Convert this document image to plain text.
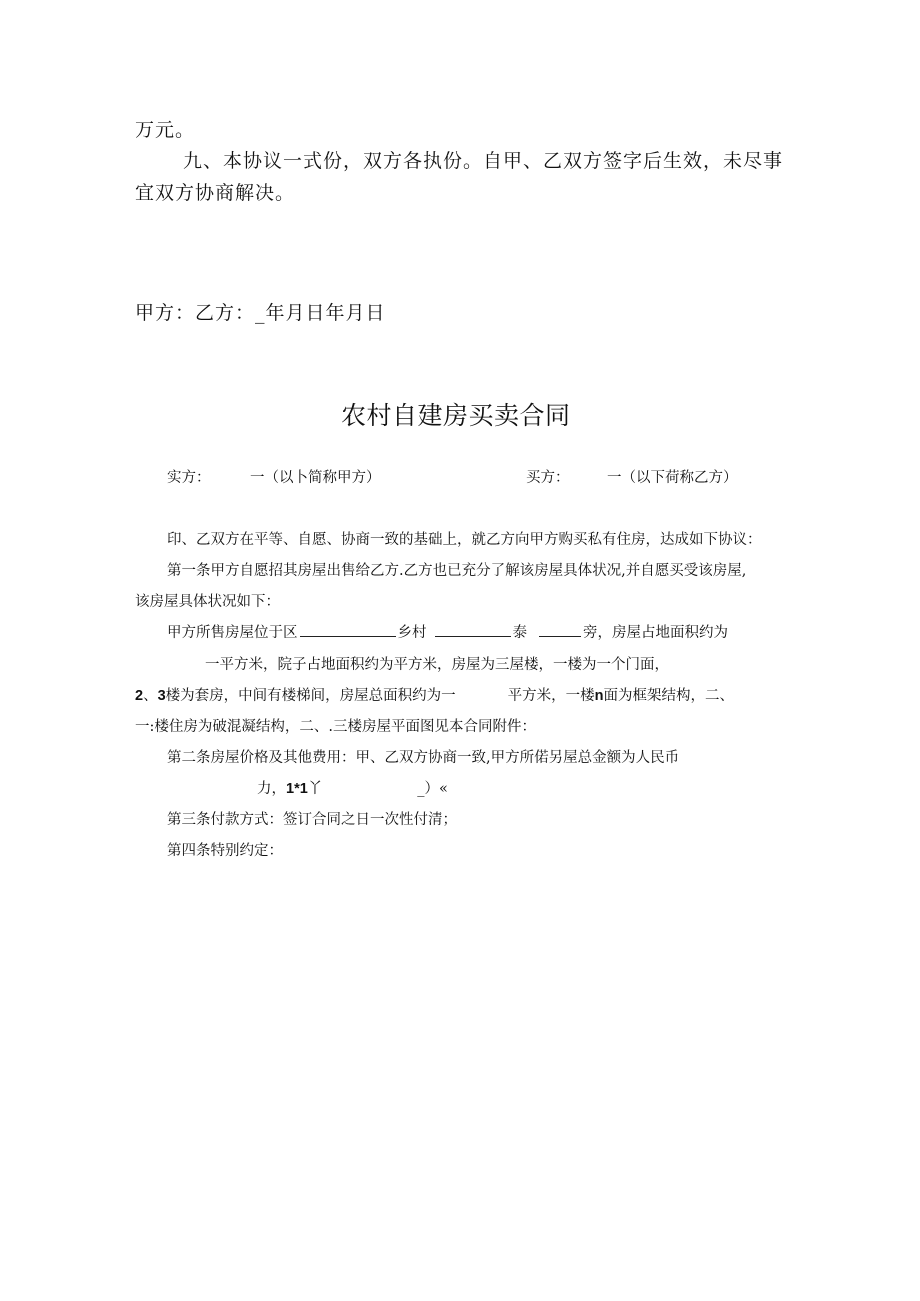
万元。
九、本协议一式份，双方各执份。自甲、乙双方签字后生效，未尽事
宜双方协商解决。
甲方：乙方：_年月日年月日
农村自建房买卖合同
实方：	一（以卜简称甲方）	买方：	一（以下荷称乙方）
印、乙双方在平等、自愿、协商一致的基础上，就乙方向甲方购买私有住房，达成如下协议：
第一条甲方自愿招其房屋出售给乙方.乙方也已充分了解该房屋具体状况,并自愿买受该房屋,
该房屋具体状况如下：
甲方所售房屋位于区	乡村	泰	旁，房屋占地面积约为
一平方米，院子占地面积约为平方米，房屋为三屋楼，一楼为一个门面，
2、3楼为套房，中间有楼梯间，房屋总面积约为一	平方米，一楼n面为框架结构，二、
一:楼住房为破混凝结构，二、.三楼房屋平面图见本合同附件：
第二条房屋价格及其他费用：甲、乙双方协商一致,甲方所偌另屋总金额为人民币
力，1*1丫	_）«
第三条付款方式：签订合同之日一次性付清；
第四条特别约定：
